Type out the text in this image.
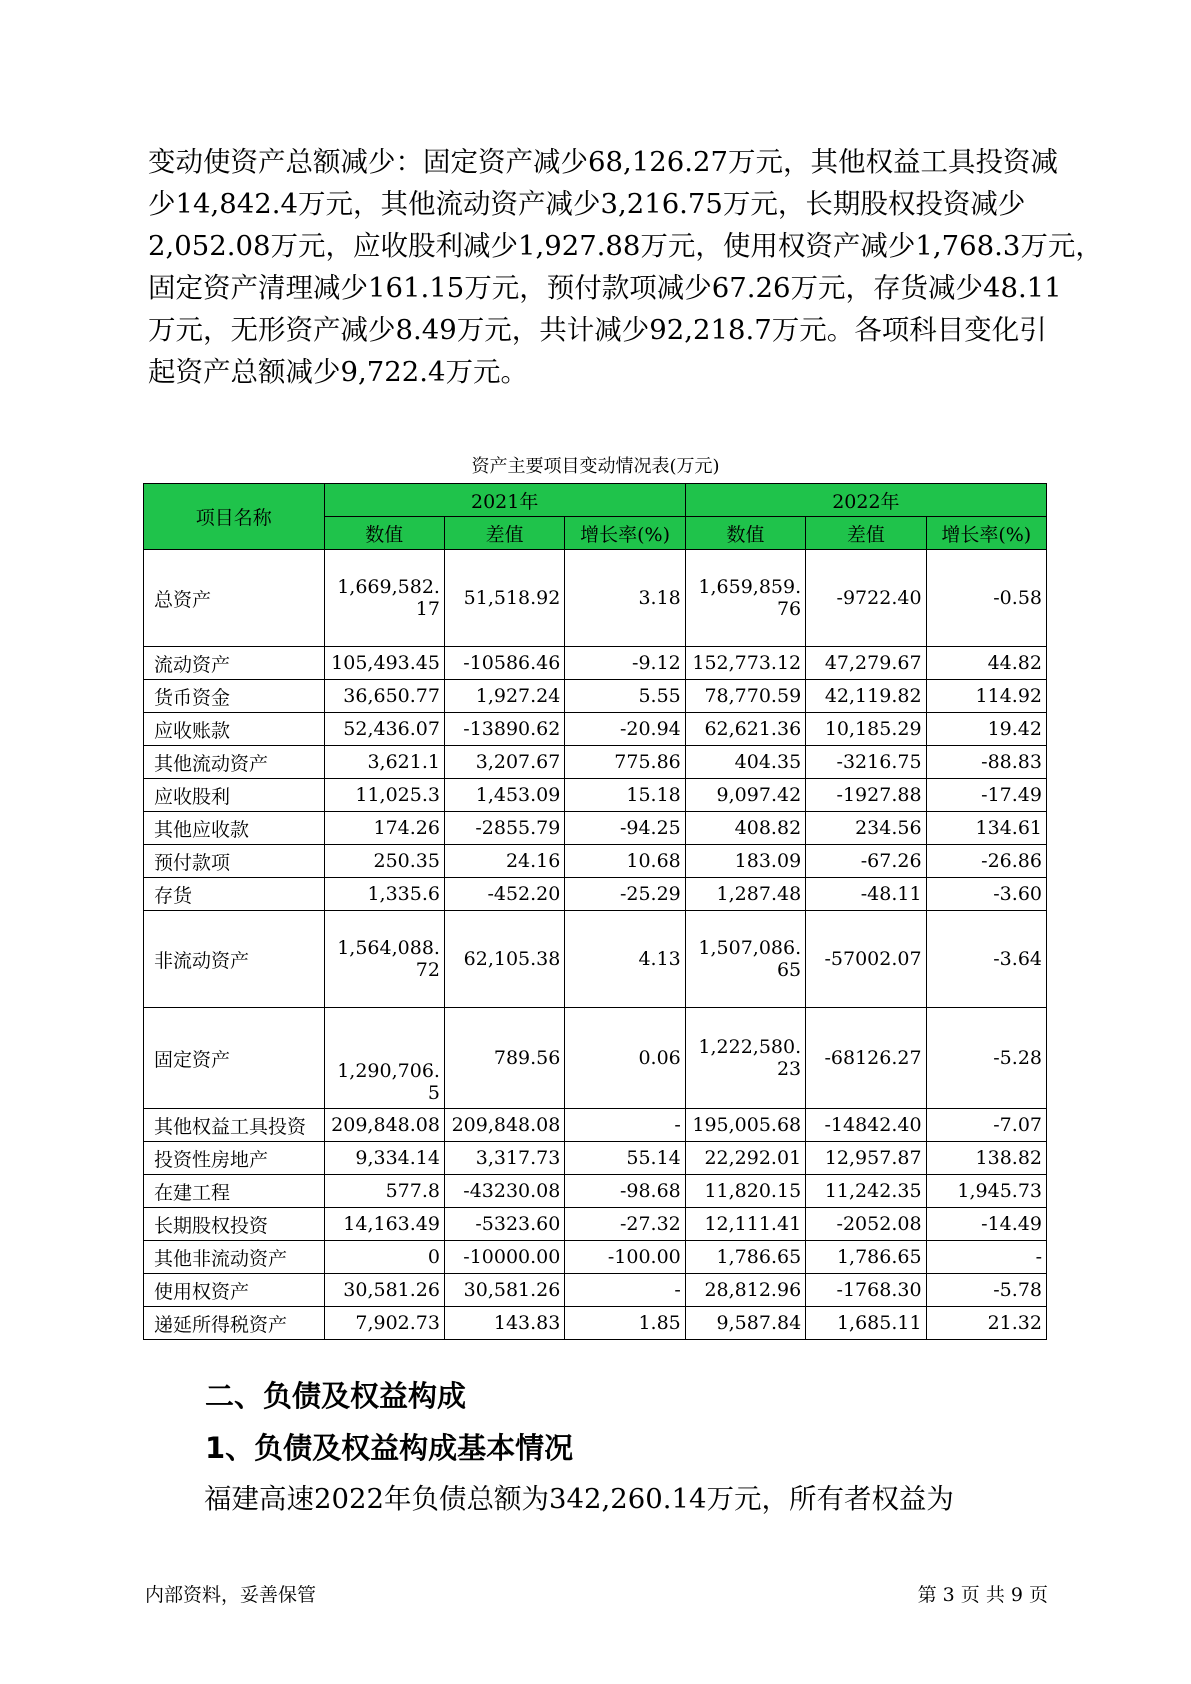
变动使资产总额减少：固定资产减少68,126.27万元，其他权益工具投资减
少14,842.4万元，其他流动资产减少3,216.75万元，长期股权投资减少
2,052.08万元，应收股利减少1,927.88万元，使用权资产减少1,768.3万元，
固定资产清理减少161.15万元，预付款项减少67.26万元，存货减少48.11
万元，无形资产减少8.49万元，共计减少92,218.7万元。各项科目变化引
起资产总额减少9,722.4万元。
资产主要项目变动情况表(万元)
项目名称	2021年			2022年		
	数值	差值	增长率(%)	数值	差值	增长率(%)
总资产	1,669,582.17	51,518.92	3.18	1,659,859.76	-9722.40	-0.58
流动资产	105,493.45	-10586.46	-9.12	152,773.12	47,279.67	44.82
货币资金	36,650.77	1,927.24	5.55	78,770.59	42,119.82	114.92
应收账款	52,436.07	-13890.62	-20.94	62,621.36	10,185.29	19.42
其他流动资产	3,621.1	3,207.67	775.86	404.35	-3216.75	-88.83
应收股利	11,025.3	1,453.09	15.18	9,097.42	-1927.88	-17.49
其他应收款	174.26	-2855.79	-94.25	408.82	234.56	134.61
预付款项	250.35	24.16	10.68	183.09	-67.26	-26.86
存货	1,335.6	-452.20	-25.29	1,287.48	-48.11	-3.60
非流动资产	1,564,088.72	62,105.38	4.13	1,507,086.65	-57002.07	-3.64
固定资产	1,290,706.5	789.56	0.06	1,222,580.23	-68126.27	-5.28
其他权益工具投资	209,848.08	209,848.08	-	195,005.68	-14842.40	-7.07
投资性房地产	9,334.14	3,317.73	55.14	22,292.01	12,957.87	138.82
在建工程	577.8	-43230.08	-98.68	11,820.15	11,242.35	1,945.73
长期股权投资	14,163.49	-5323.60	-27.32	12,111.41	-2052.08	-14.49
其他非流动资产	0	-10000.00	-100.00	1,786.65	1,786.65	-
使用权资产	30,581.26	30,581.26	-	28,812.96	-1768.30	-5.78
递延所得税资产	7,902.73	143.83	1.85	9,587.84	1,685.11	21.32
二、负债及权益构成
1、负债及权益构成基本情况
福建高速2022年负债总额为342,260.14万元，所有者权益为
内部资料，妥善保管	第 3 页 共 9 页
